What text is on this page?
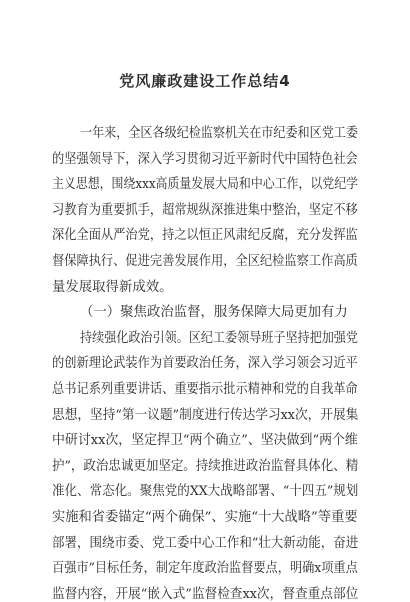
党风廉政建设工作总结4
一年来，全区各级纪检监察机关在市纪委和区党工委
的坚强领导下，深入学习贯彻习近平新时代中国特色社会
主义思想，围绕xxx高质量发展大局和中心工作，以党纪学
习教育为重要抓手，超常规纵深推进集中整治，坚定不移
深化全面从严治党，持之以恒正风肃纪反腐，充分发挥监
督保障执行、促进完善发展作用，全区纪检监察工作高质
量发展取得新成效。
（一）聚焦政治监督，服务保障大局更加有力
持续强化政治引领。区纪工委领导班子坚持把加强党
的创新理论武装作为首要政治任务，深入学习领会习近平
总书记系列重要讲话、重要指示批示精神和党的自我革命
思想，坚持“第一议题”制度进行传达学习xx次，开展集
中研讨xx次，坚定捍卫“两个确立”、坚决做到“两个维
护”，政治忠诚更加坚定。持续推进政治监督具体化、精
准化、常态化。聚焦党的XX大战略部署、“十四五”规划
实施和省委锚定“两个确保”、实施“十大战略”等重要
部署，围绕市委、党工委中心工作和“壮大新动能，奋进
百强市”目标任务，制定年度政治监督要点，明确x项重点
监督内容，开展“嵌入式”监督检查xx次，督查重点部位
